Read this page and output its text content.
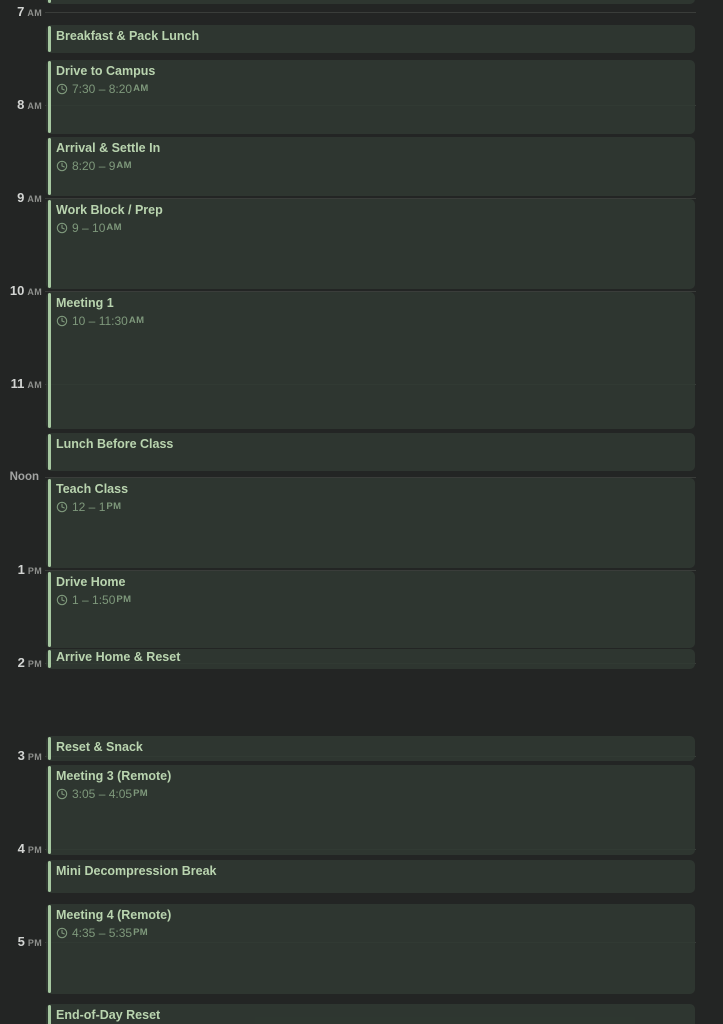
7 AM
8 AM
9 AM
10 AM
11 AM
Noon
1 PM
2 PM
3 PM
4 PM
5 PM
Breakfast & Pack Lunch
Drive to Campus
7:30 – 8:20 AM
Arrival & Settle In
8:20 – 9 AM
Work Block / Prep
9 – 10 AM
Meeting 1
10 – 11:30 AM
Lunch Before Class
Teach Class
12 – 1 PM
Drive Home
1 – 1:50 PM
Arrive Home & Reset
Reset & Snack
Meeting 3 (Remote)
3:05 – 4:05 PM
Mini Decompression Break
Meeting 4 (Remote)
4:35 – 5:35 PM
End-of-Day Reset
